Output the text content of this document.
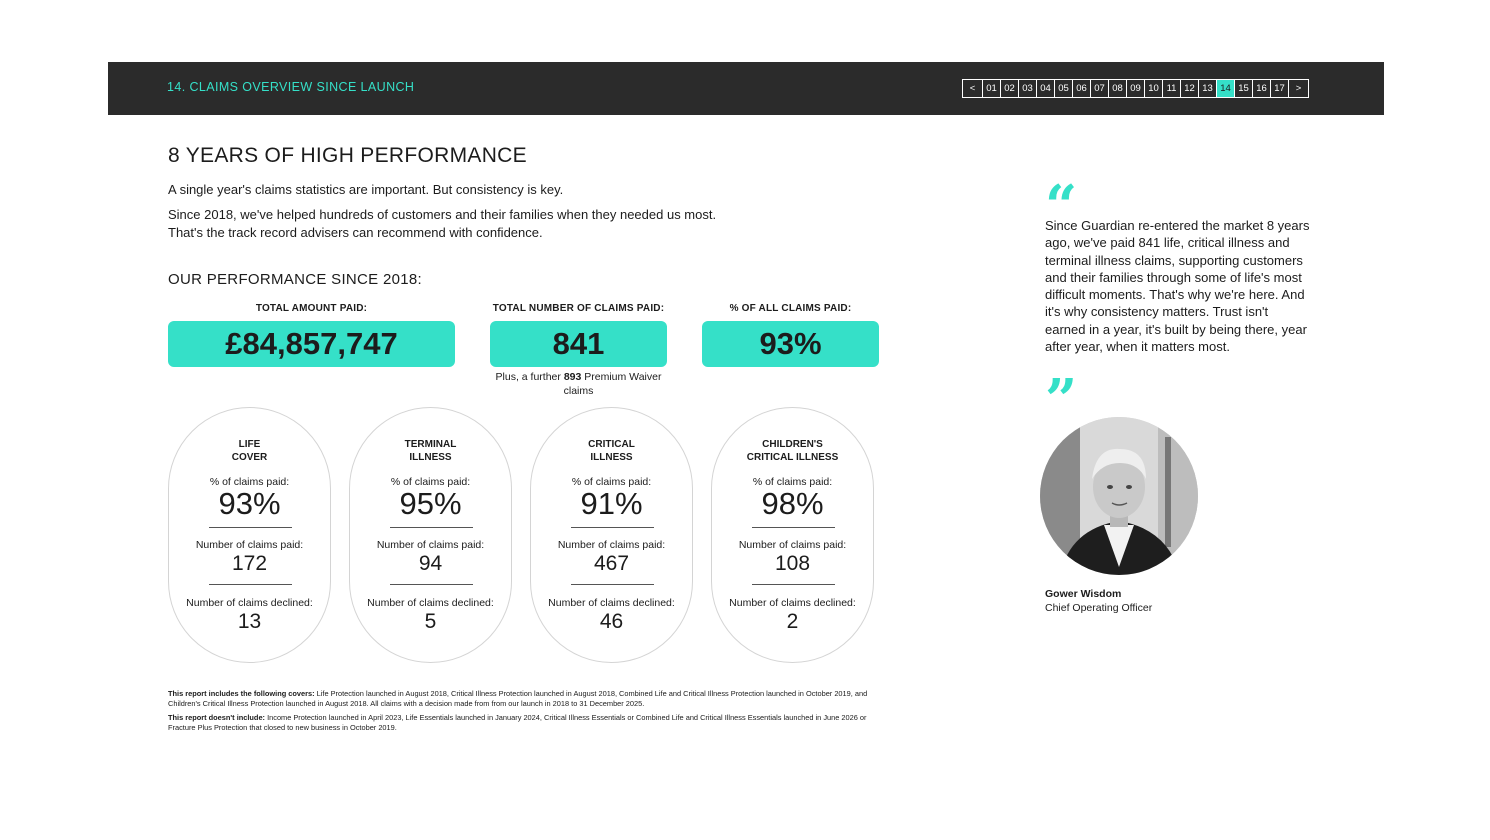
14. CLAIMS OVERVIEW SINCE LAUNCH	<	01 02 03 04 05 06 07 08 09 10 11 12 13 14 15 16 17	>
8 YEARS OF HIGH PERFORMANCE
A single year's claims statistics are important. But consistency is key.
Since 2018, we've helped hundreds of customers and their families when they needed us most.
That's the track record advisers can recommend with confidence.
OUR PERFORMANCE SINCE 2018:
TOTAL AMOUNT PAID:
£84,857,747
TOTAL NUMBER OF CLAIMS PAID:
841
Plus, a further 893 Premium Waiver claims
% OF ALL CLAIMS PAID:
93%
LIFE
COVER
% of claims paid:
93%
Number of claims paid:
172
Number of claims declined:
13
TERMINAL
ILLNESS
% of claims paid:
95%
Number of claims paid:
94
Number of claims declined:
5
CRITICAL
ILLNESS
% of claims paid:
91%
Number of claims paid:
467
Number of claims declined:
46
CHILDREN'S
CRITICAL ILLNESS
% of claims paid:
98%
Number of claims paid:
108
Number of claims declined:
2
This report includes the following covers: Life Protection launched in August 2018, Critical Illness Protection launched in August 2018, Combined Life and Critical Illness Protection launched in October 2019, and Children's Critical Illness Protection launched in August 2018. All claims with a decision made from from our launch in 2018 to 31 December 2025.
This report doesn't include: Income Protection launched in April 2023, Life Essentials launched in January 2024, Critical Illness Essentials or Combined Life and Critical Illness Essentials launched in June 2026 or Fracture Plus Protection that closed to new business in October 2019.
“
Since Guardian re-entered the market 8 years ago, we've paid 841 life, critical illness and terminal illness claims, supporting customers and their families through some of life's most difficult moments. That's why we're here. And it's why consistency matters. Trust isn't earned in a year, it's built by being there, year after year, when it matters most.
”
Gower Wisdom
Chief Operating Officer
